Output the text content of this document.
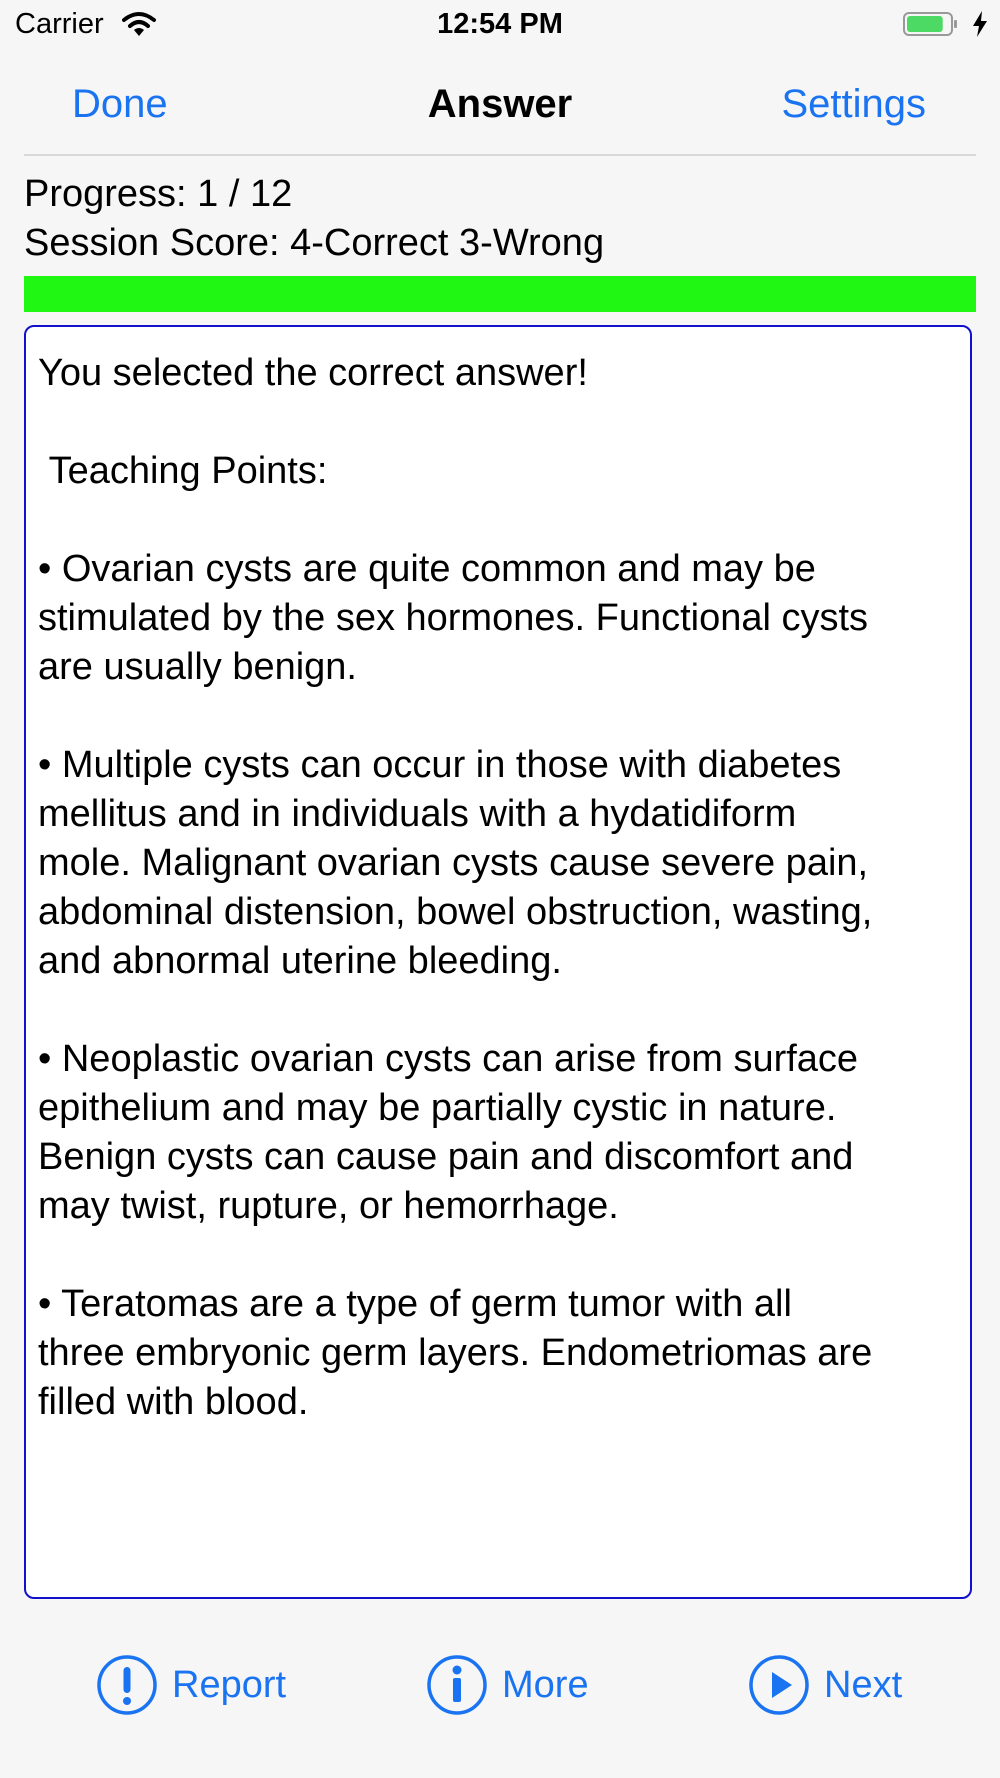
Carrier	12:54 PM
Done	Answer	Settings
Progress: 1 / 12
Session Score: 4-Correct 3-Wrong
You selected the correct answer!

Teaching Points:

• Ovarian cysts are quite common and may be
stimulated by the sex hormones. Functional cysts
are usually benign.

• Multiple cysts can occur in those with diabetes
mellitus and in individuals with a hydatidiform
mole. Malignant ovarian cysts cause severe pain,
abdominal distension, bowel obstruction, wasting,
and abnormal uterine bleeding.

• Neoplastic ovarian cysts can arise from surface
epithelium and may be partially cystic in nature.
Benign cysts can cause pain and discomfort and
may twist, rupture, or hemorrhage.

• Teratomas are a type of germ tumor with all
three embryonic germ layers. Endometriomas are
filled with blood.
Report	More	Next
